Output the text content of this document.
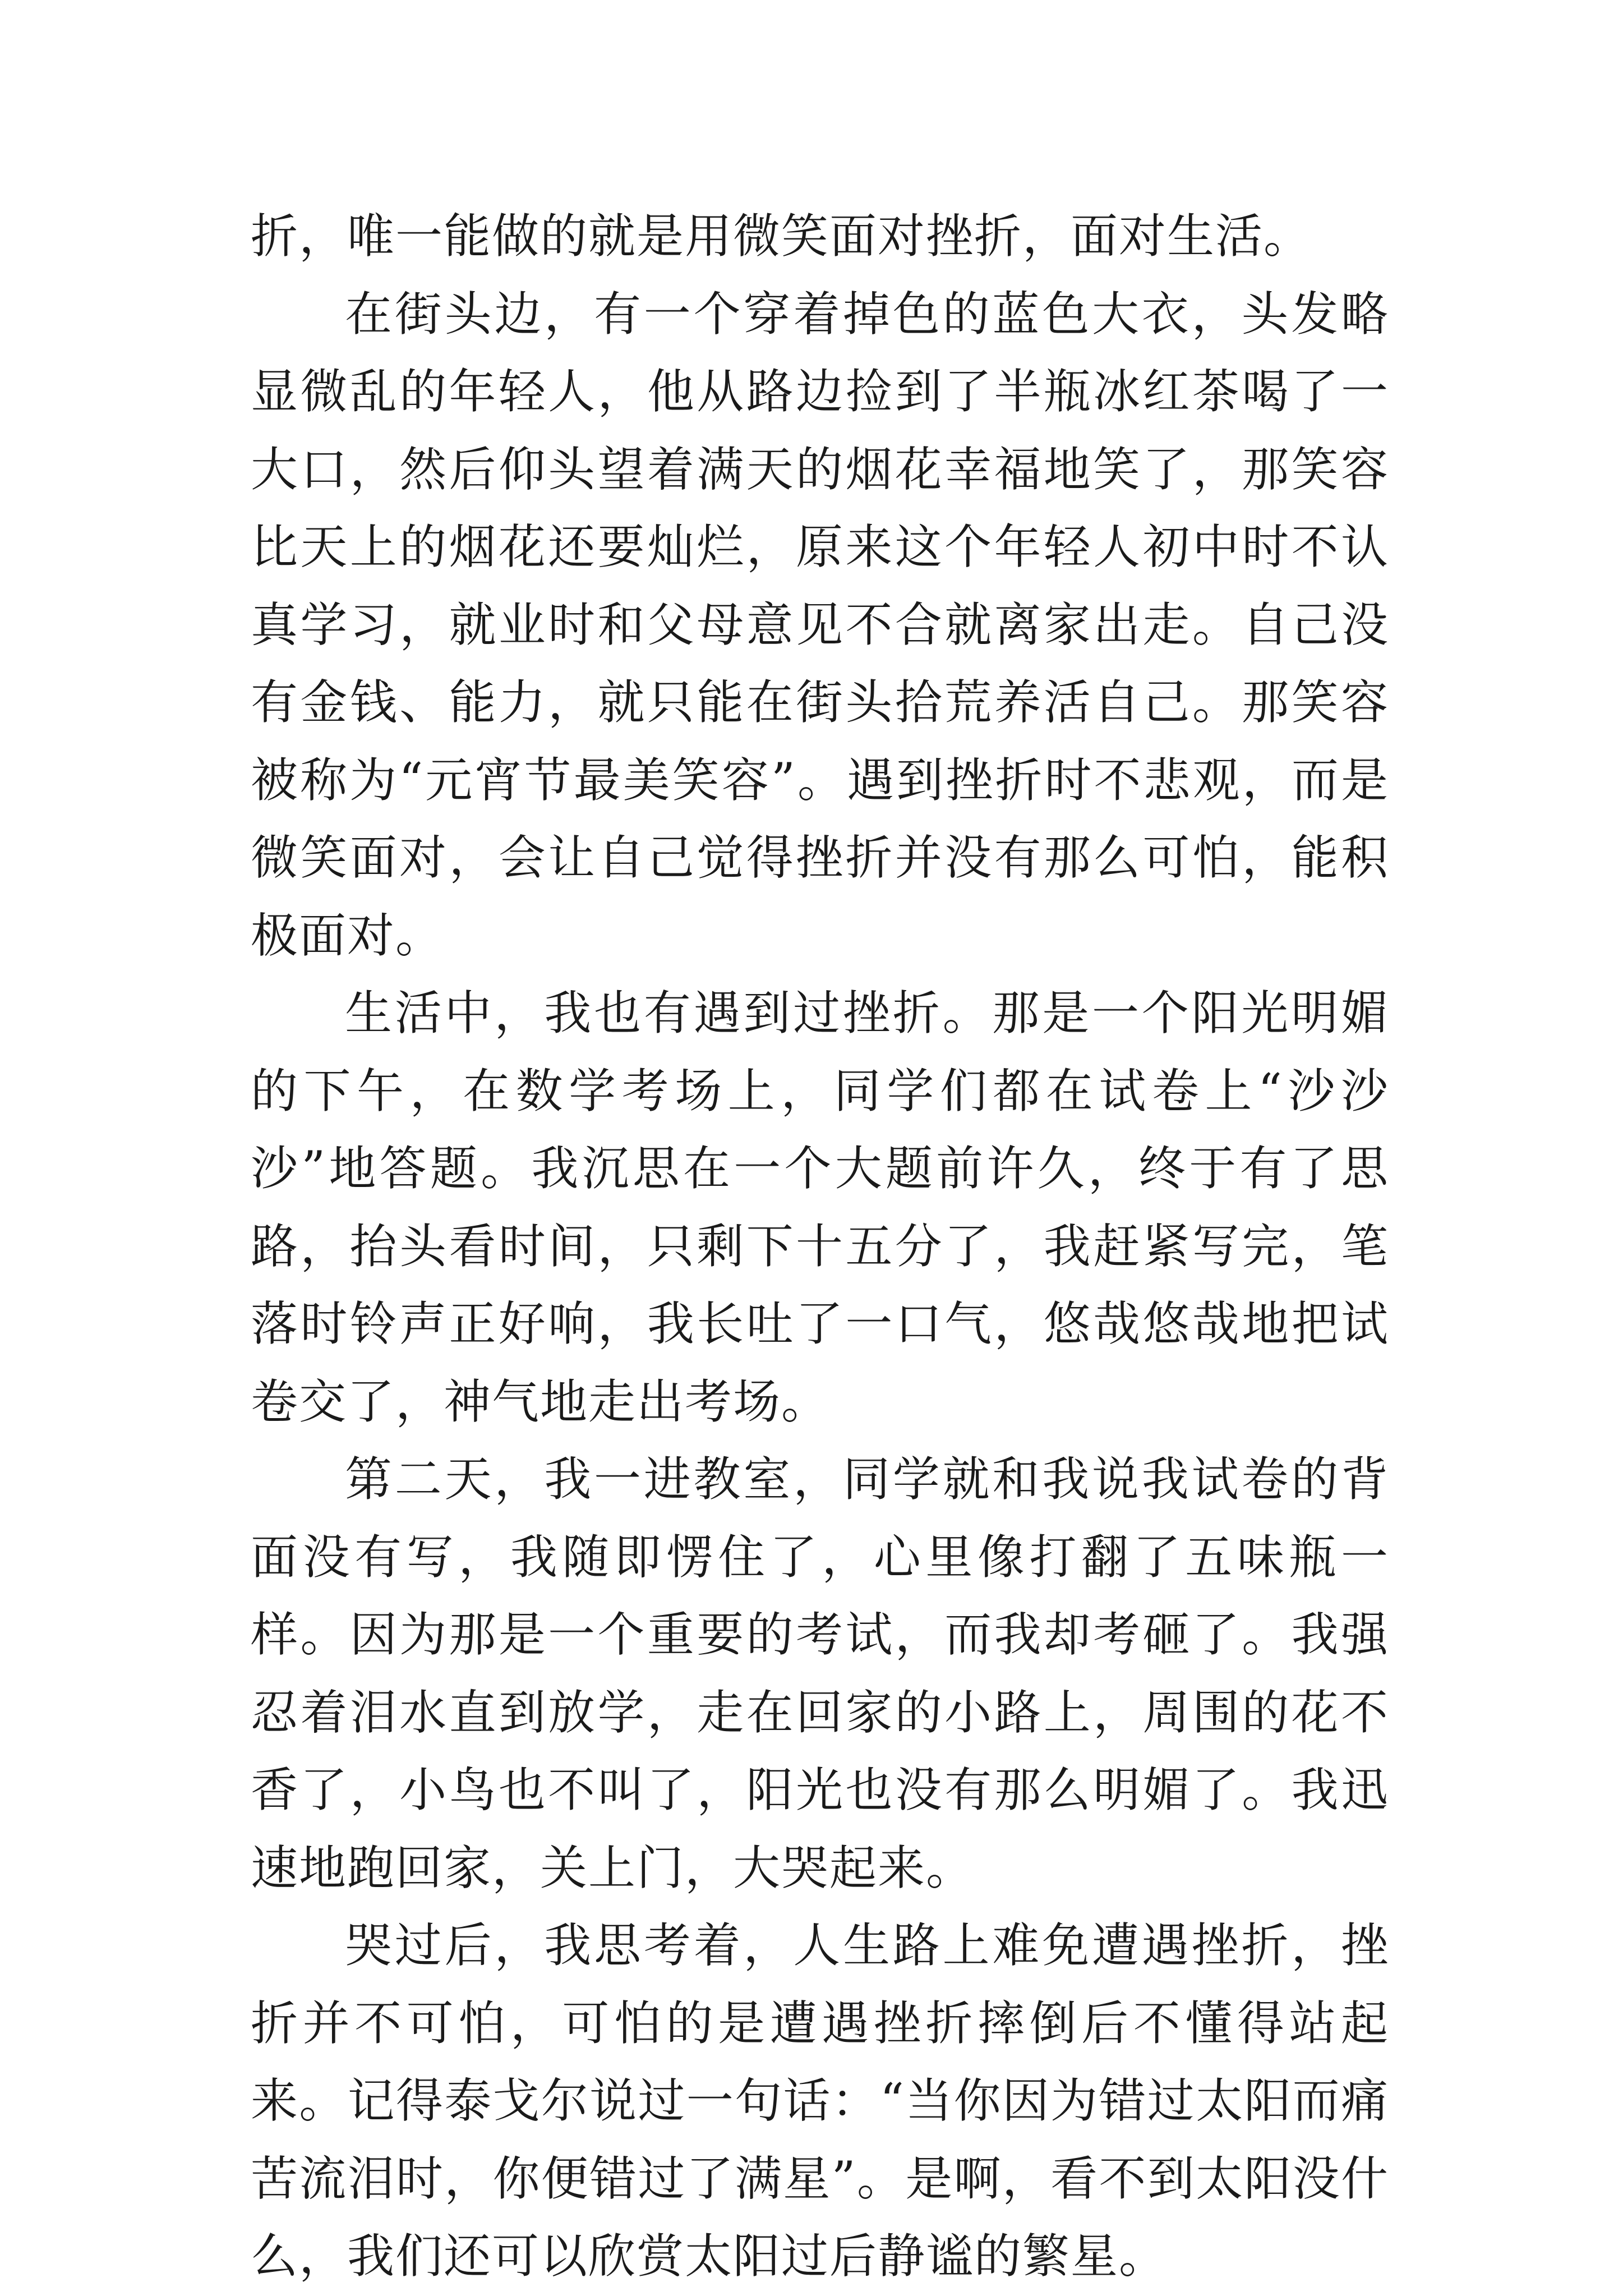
折，唯一能做的就是用微笑面对挫折，面对生活。

在街头边，有一个穿着掉色的蓝色大衣，头发略显微乱的年轻人，他从路边捡到了半瓶冰红茶喝了一大口，然后仰头望着满天的烟花幸福地笑了，那笑容比天上的烟花还要灿烂，原来这个年轻人初中时不认真学习，就业时和父母意见不合就离家出走。自己没有金钱、能力，就只能在街头拾荒养活自己。那笑容被称为“元宵节最美笑容”。遇到挫折时不悲观，而是微笑面对，会让自己觉得挫折并没有那么可怕，能积极面对。

生活中，我也有遇到过挫折。那是一个阳光明媚的下午，在数学考场上，同学们都在试卷上“沙沙沙”地答题。我沉思在一个大题前许久，终于有了思路，抬头看时间，只剩下十五分了，我赶紧写完，笔落时铃声正好响，我长吐了一口气，悠哉悠哉地把试卷交了，神气地走出考场。

第二天，我一进教室，同学就和我说我试卷的背面没有写，我随即愣住了，心里像打翻了五味瓶一样。因为那是一个重要的考试，而我却考砸了。我强忍着泪水直到放学，走在回家的小路上，周围的花不香了，小鸟也不叫了，阳光也没有那么明媚了。我迅速地跑回家，关上门，大哭起来。

哭过后，我思考着，人生路上难免遭遇挫折，挫折并不可怕，可怕的是遭遇挫折摔倒后不懂得站起来。记得泰戈尔说过一句话：“当你因为错过太阳而痛苦流泪时，你便错过了满星”。是啊，看不到太阳没什么，我们还可以欣赏太阳过后静谧的繁星。
